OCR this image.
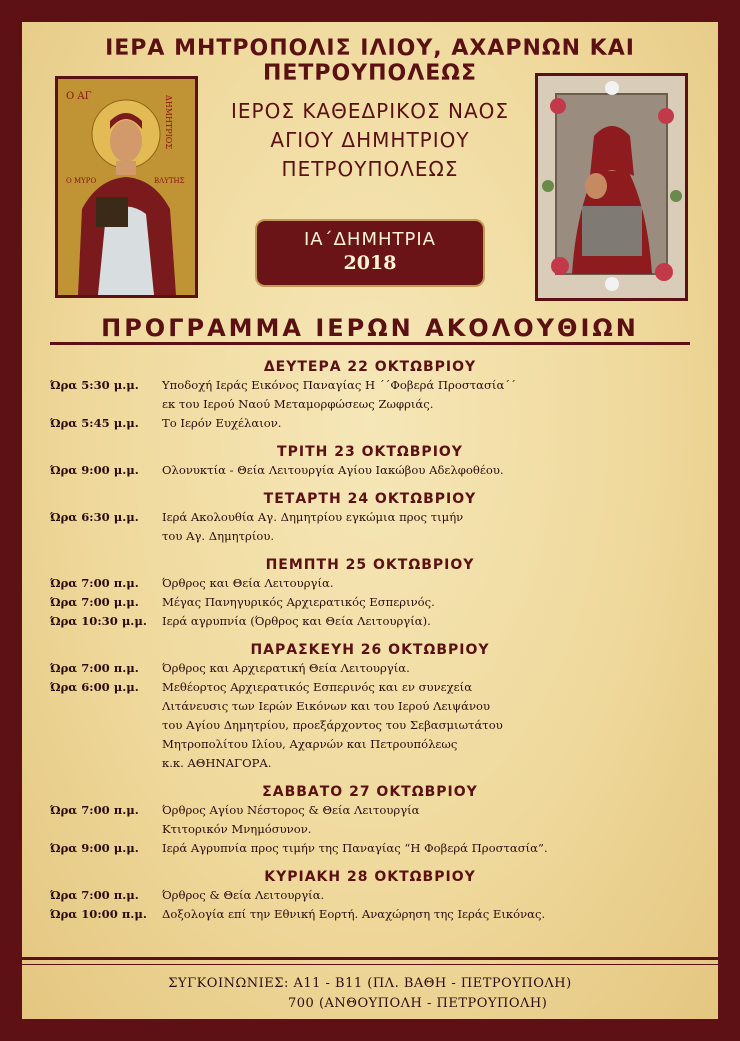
ΙΕΡΑ ΜΗΤΡΟΠΟΛΙΣ ΙΛΙΟΥ, ΑΧΑΡΝΩΝ ΚΑΙ ΠΕΤΡΟΥΠΟΛΕΩΣ
ΙΕΡΟΣ ΚΑΘΕΔΡΙΚΟΣ ΝΑΟΣ
ΑΓΙΟΥ ΔΗΜΗΤΡΙΟΥ
ΠΕΤΡΟΥΠΟΛΕΩΣ
Ο ΑΓ	ΔΗΜΗΤΡΙΟΣ
Ο ΜΥΡΟ	ΒΛΥΤΗΣ
ΙΑ΄ΔΗΜΗΤΡΙΑ
2018
ΠΡΟΓΡΑΜΜΑ ΙΕΡΩΝ ΑΚΟΛΟΥΘΙΩΝ
ΔΕΥΤΕΡΑ 22 ΟΚΤΩΒΡΙΟΥ
Ώρα 5:30 μ.μ. Υποδοχή Ιεράς Εικόνος Παναγίας Η ΄΄Φοβερά Προστασία΄΄
εκ του Ιερού Ναού Μεταμορφώσεως Ζωφριάς.
Ώρα 5:45 μ.μ. Το Ιερόν Ευχέλαιον.
ΤΡΙΤΗ 23 ΟΚΤΩΒΡΙΟΥ
Ώρα 9:00 μ.μ. Ολονυκτία - Θεία Λειτουργία Αγίου Ιακώβου Αδελφοθέου.
ΤΕΤΑΡΤΗ 24 ΟΚΤΩΒΡΙΟΥ
Ώρα 6:30 μ.μ. Ιερά Ακολουθία Αγ. Δημητρίου εγκώμια προς τιμήν
του Αγ. Δημητρίου.
ΠΕΜΠΤΗ 25 ΟΚΤΩΒΡΙΟΥ
Ώρα 7:00 π.μ. Όρθρος και Θεία Λειτουργία.
Ώρα 7:00 μ.μ. Μέγας Πανηγυρικός Αρχιερατικός Εσπερινός.
Ώρα 10:30 μ.μ. Ιερά αγρυπνία (Όρθρος και Θεία Λειτουργία).
ΠΑΡΑΣΚΕΥΗ 26 ΟΚΤΩΒΡΙΟΥ
Ώρα 7:00 π.μ. Όρθρος και Αρχιερατική Θεία Λειτουργία.
Ώρα 6:00 μ.μ. Μεθέορτος Αρχιερατικός Εσπερινός και εν συνεχεία
Λιτάνευσις των Ιερών Εικόνων και του Ιερού Λειψάνου
του Αγίου Δημητρίου, προεξάρχοντος του Σεβασμιωτάτου
Μητροπολίτου Ιλίου, Αχαρνών και Πετρουπόλεως
κ.κ. ΑΘΗΝΑΓΟΡΑ.
ΣΑΒΒΑΤΟ 27 ΟΚΤΩΒΡΙΟΥ
Ώρα 7:00 π.μ. Όρθρος Αγίου Νέστορος & Θεία Λειτουργία
Κτιτορικόν Μνημόσυνον.
Ώρα 9:00 μ.μ. Ιερά Αγρυπνία προς τιμήν της Παναγίας “Η Φοβερά Προστασία”.
ΚΥΡΙΑΚΗ 28 ΟΚΤΩΒΡΙΟΥ
Ώρα 7:00 π.μ. Όρθρος & Θεία Λειτουργία.
Ώρα 10:00 π.μ. Δοξολογία επί την Εθνική Εορτή. Αναχώρηση της Ιεράς Εικόνας.
ΣΥΓΚΟΙΝΩΝΙΕΣ: Α11 - Β11 (ΠΛ. ΒΑΘΗ - ΠΕΤΡΟΥΠΟΛΗ)
700 (ΑΝΘΟΥΠΟΛΗ - ΠΕΤΡΟΥΠΟΛΗ)
